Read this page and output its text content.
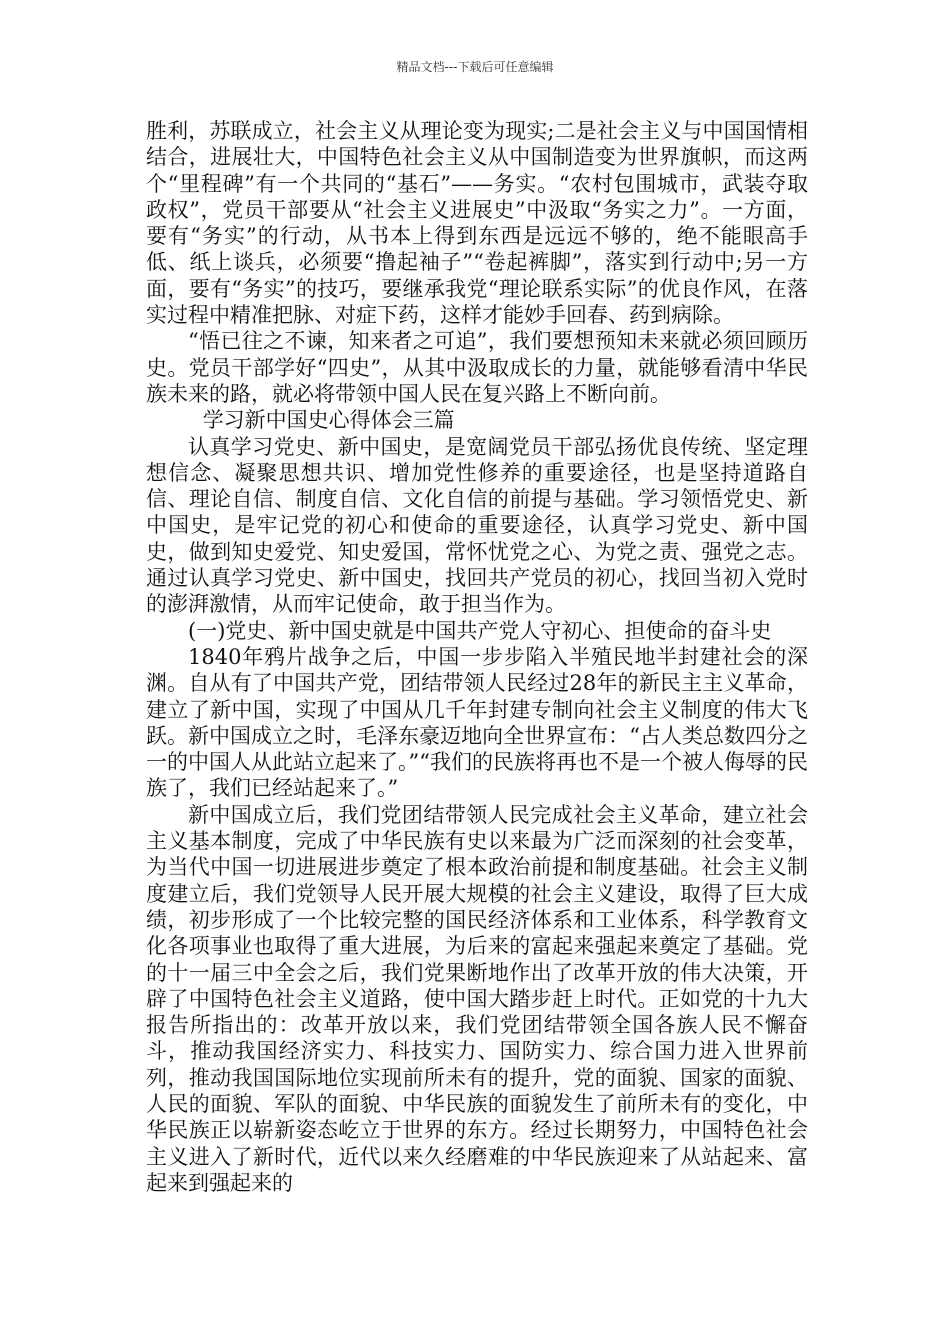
精品文档---下载后可任意编辑

胜利，苏联成立，社会主义从理论变为现实;二是社会主义与中国国情相结合，进展壮大，中国特色社会主义从中国制造变为世界旗帜，而这两个“里程碑”有一个共同的“基石”——务实。“农村包围城市，武装夺取政权”，党员干部要从“社会主义进展史”中汲取“务实之力”。一方面，要有“务实”的行动，从书本上得到东西是远远不够的，绝不能眼高手低、纸上谈兵，必须要“撸起袖子”“卷起裤脚”，落实到行动中;另一方面，要有“务实”的技巧，要继承我党“理论联系实际”的优良作风，在落实过程中精准把脉、对症下药，这样才能妙手回春、药到病除。

“悟已往之不谏，知来者之可追”，我们要想预知未来就必须回顾历史。党员干部学好“四史”，从其中汲取成长的力量，就能够看清中华民族未来的路，就必将带领中国人民在复兴路上不断向前。

学习新中国史心得体会三篇

认真学习党史、新中国史，是宽阔党员干部弘扬优良传统、坚定理想信念、凝聚思想共识、增加党性修养的重要途径，也是坚持道路自信、理论自信、制度自信、文化自信的前提与基础。学习领悟党史、新中国史，是牢记党的初心和使命的重要途径，认真学习党史、新中国史，做到知史爱党、知史爱国，常怀忧党之心、为党之责、强党之志。通过认真学习党史、新中国史，找回共产党员的初心，找回当初入党时的澎湃激情，从而牢记使命，敢于担当作为。

(一)党史、新中国史就是中国共产党人守初心、担使命的奋斗史

1840年鸦片战争之后，中国一步步陷入半殖民地半封建社会的深渊。自从有了中国共产党，团结带领人民经过28年的新民主主义革命，建立了新中国，实现了中国从几千年封建专制向社会主义制度的伟大飞跃。新中国成立之时，毛泽东豪迈地向全世界宣布：“占人类总数四分之一的中国人从此站立起来了。”“我们的民族将再也不是一个被人侮辱的民族了，我们已经站起来了。”

新中国成立后，我们党团结带领人民完成社会主义革命，建立社会主义基本制度，完成了中华民族有史以来最为广泛而深刻的社会变革，为当代中国一切进展进步奠定了根本政治前提和制度基础。社会主义制度建立后，我们党领导人民开展大规模的社会主义建设，取得了巨大成绩，初步形成了一个比较完整的国民经济体系和工业体系，科学教育文化各项事业也取得了重大进展，为后来的富起来强起来奠定了基础。党的十一届三中全会之后，我们党果断地作出了改革开放的伟大决策，开辟了中国特色社会主义道路，使中国大踏步赶上时代。正如党的十九大报告所指出的：改革开放以来，我们党团结带领全国各族人民不懈奋斗，推动我国经济实力、科技实力、国防实力、综合国力进入世界前列，推动我国国际地位实现前所未有的提升，党的面貌、国家的面貌、人民的面貌、军队的面貌、中华民族的面貌发生了前所未有的变化，中华民族正以崭新姿态屹立于世界的东方。经过长期努力，中国特色社会主义进入了新时代，近代以来久经磨难的中华民族迎来了从站起来、富起来到强起来的
